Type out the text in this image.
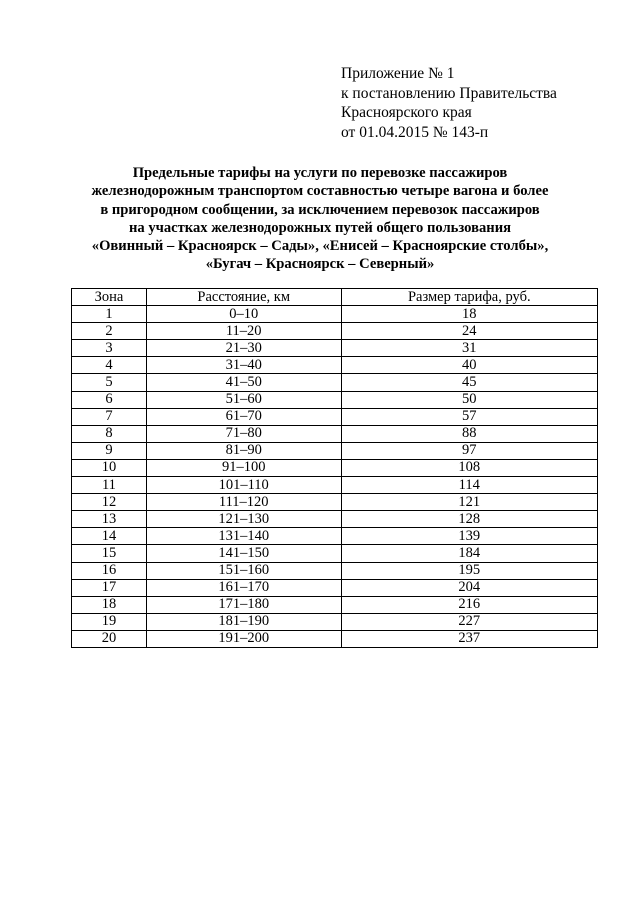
Приложение № 1
к постановлению Правительства
Красноярского края
от 01.04.2015 № 143-п
Предельные тарифы на услуги по перевозке пассажиров
железнодорожным транспортом составностью четыре вагона и более
в пригородном сообщении, за исключением перевозок пассажиров
на участках железнодорожных путей общего пользования
«Овинный – Красноярск – Сады», «Енисей – Красноярские столбы»,
«Бугач – Красноярск – Северный»
Зона	Расстояние, км	Размер тарифа, руб.
1	0–10	18
2	11–20	24
3	21–30	31
4	31–40	40
5	41–50	45
6	51–60	50
7	61–70	57
8	71–80	88
9	81–90	97
10	91–100	108
11	101–110	114
12	111–120	121
13	121–130	128
14	131–140	139
15	141–150	184
16	151–160	195
17	161–170	204
18	171–180	216
19	181–190	227
20	191–200	237
